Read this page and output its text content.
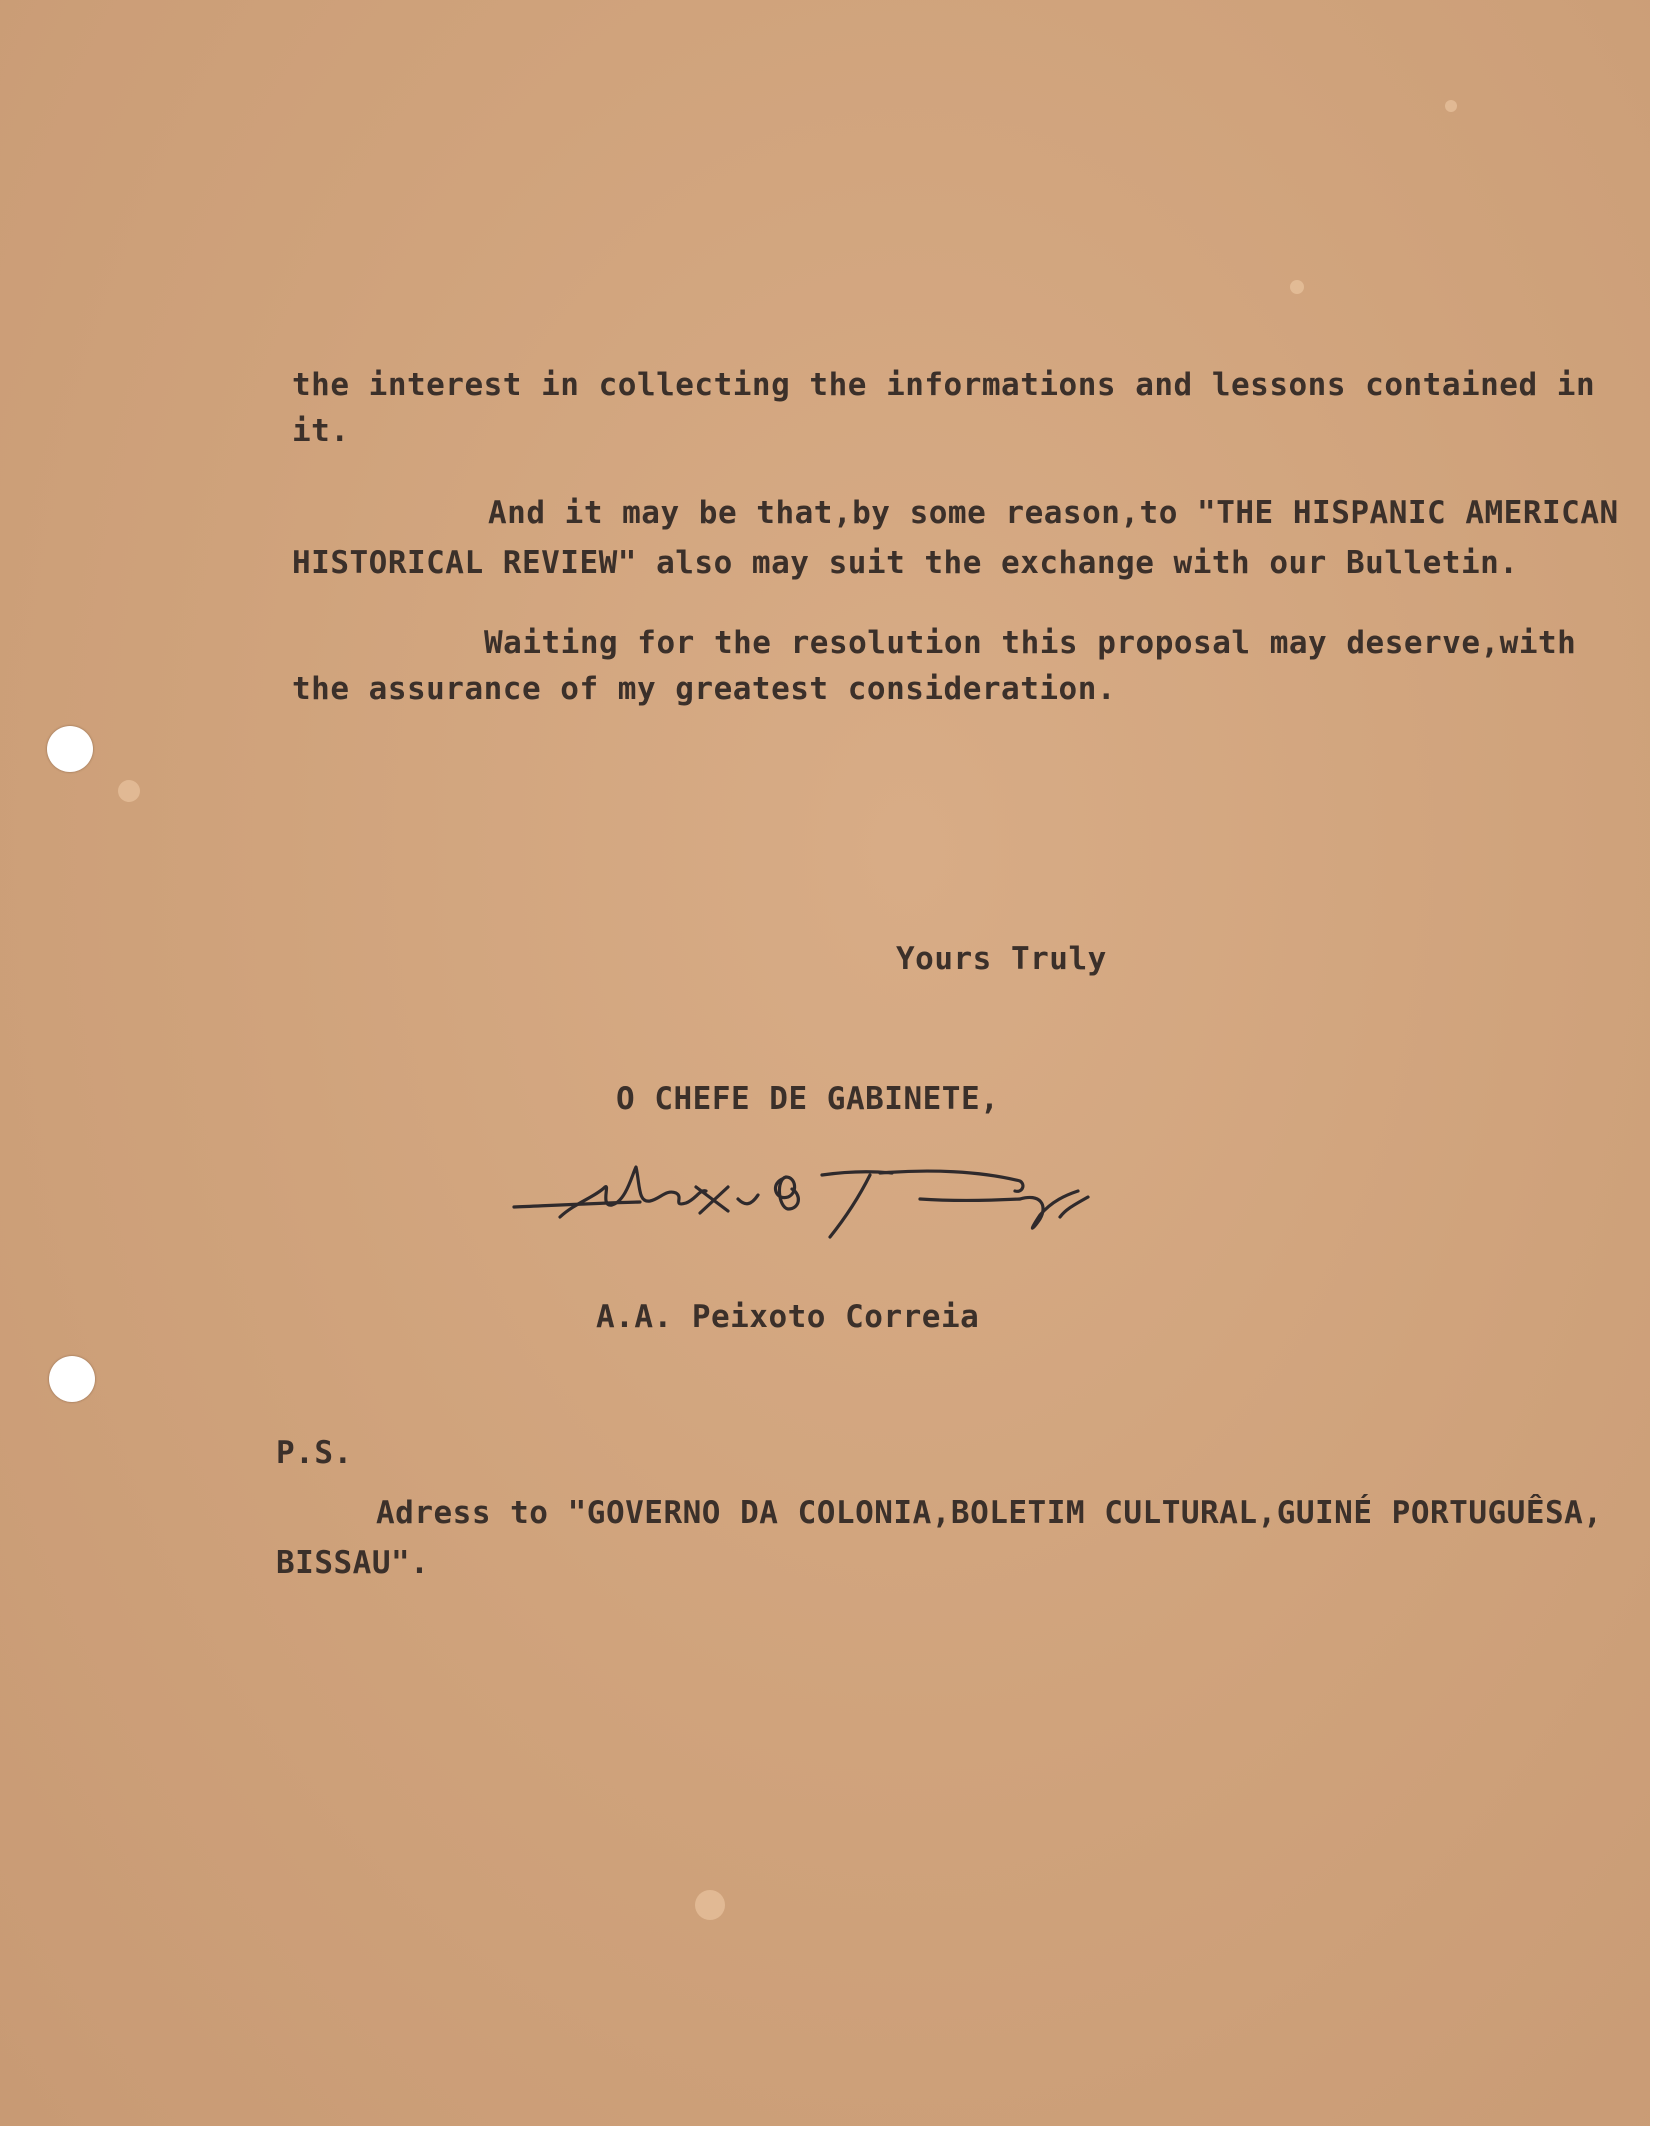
the interest in collecting the informations and lessons contained in
it.
And it may be that,by some reason,to "THE HISPANIC AMERICAN
HISTORICAL REVIEW" also may suit the exchange with our Bulletin.
Waiting for the resolution this proposal may deserve,with
the assurance of my greatest consideration.
Yours Truly
O CHEFE DE GABINETE,
A.A. Peixoto Correia
P.S.
Adress to "GOVERNO DA COLONIA,BOLETIM CULTURAL,GUINÉ PORTUGUÊSA,
BISSAU".
